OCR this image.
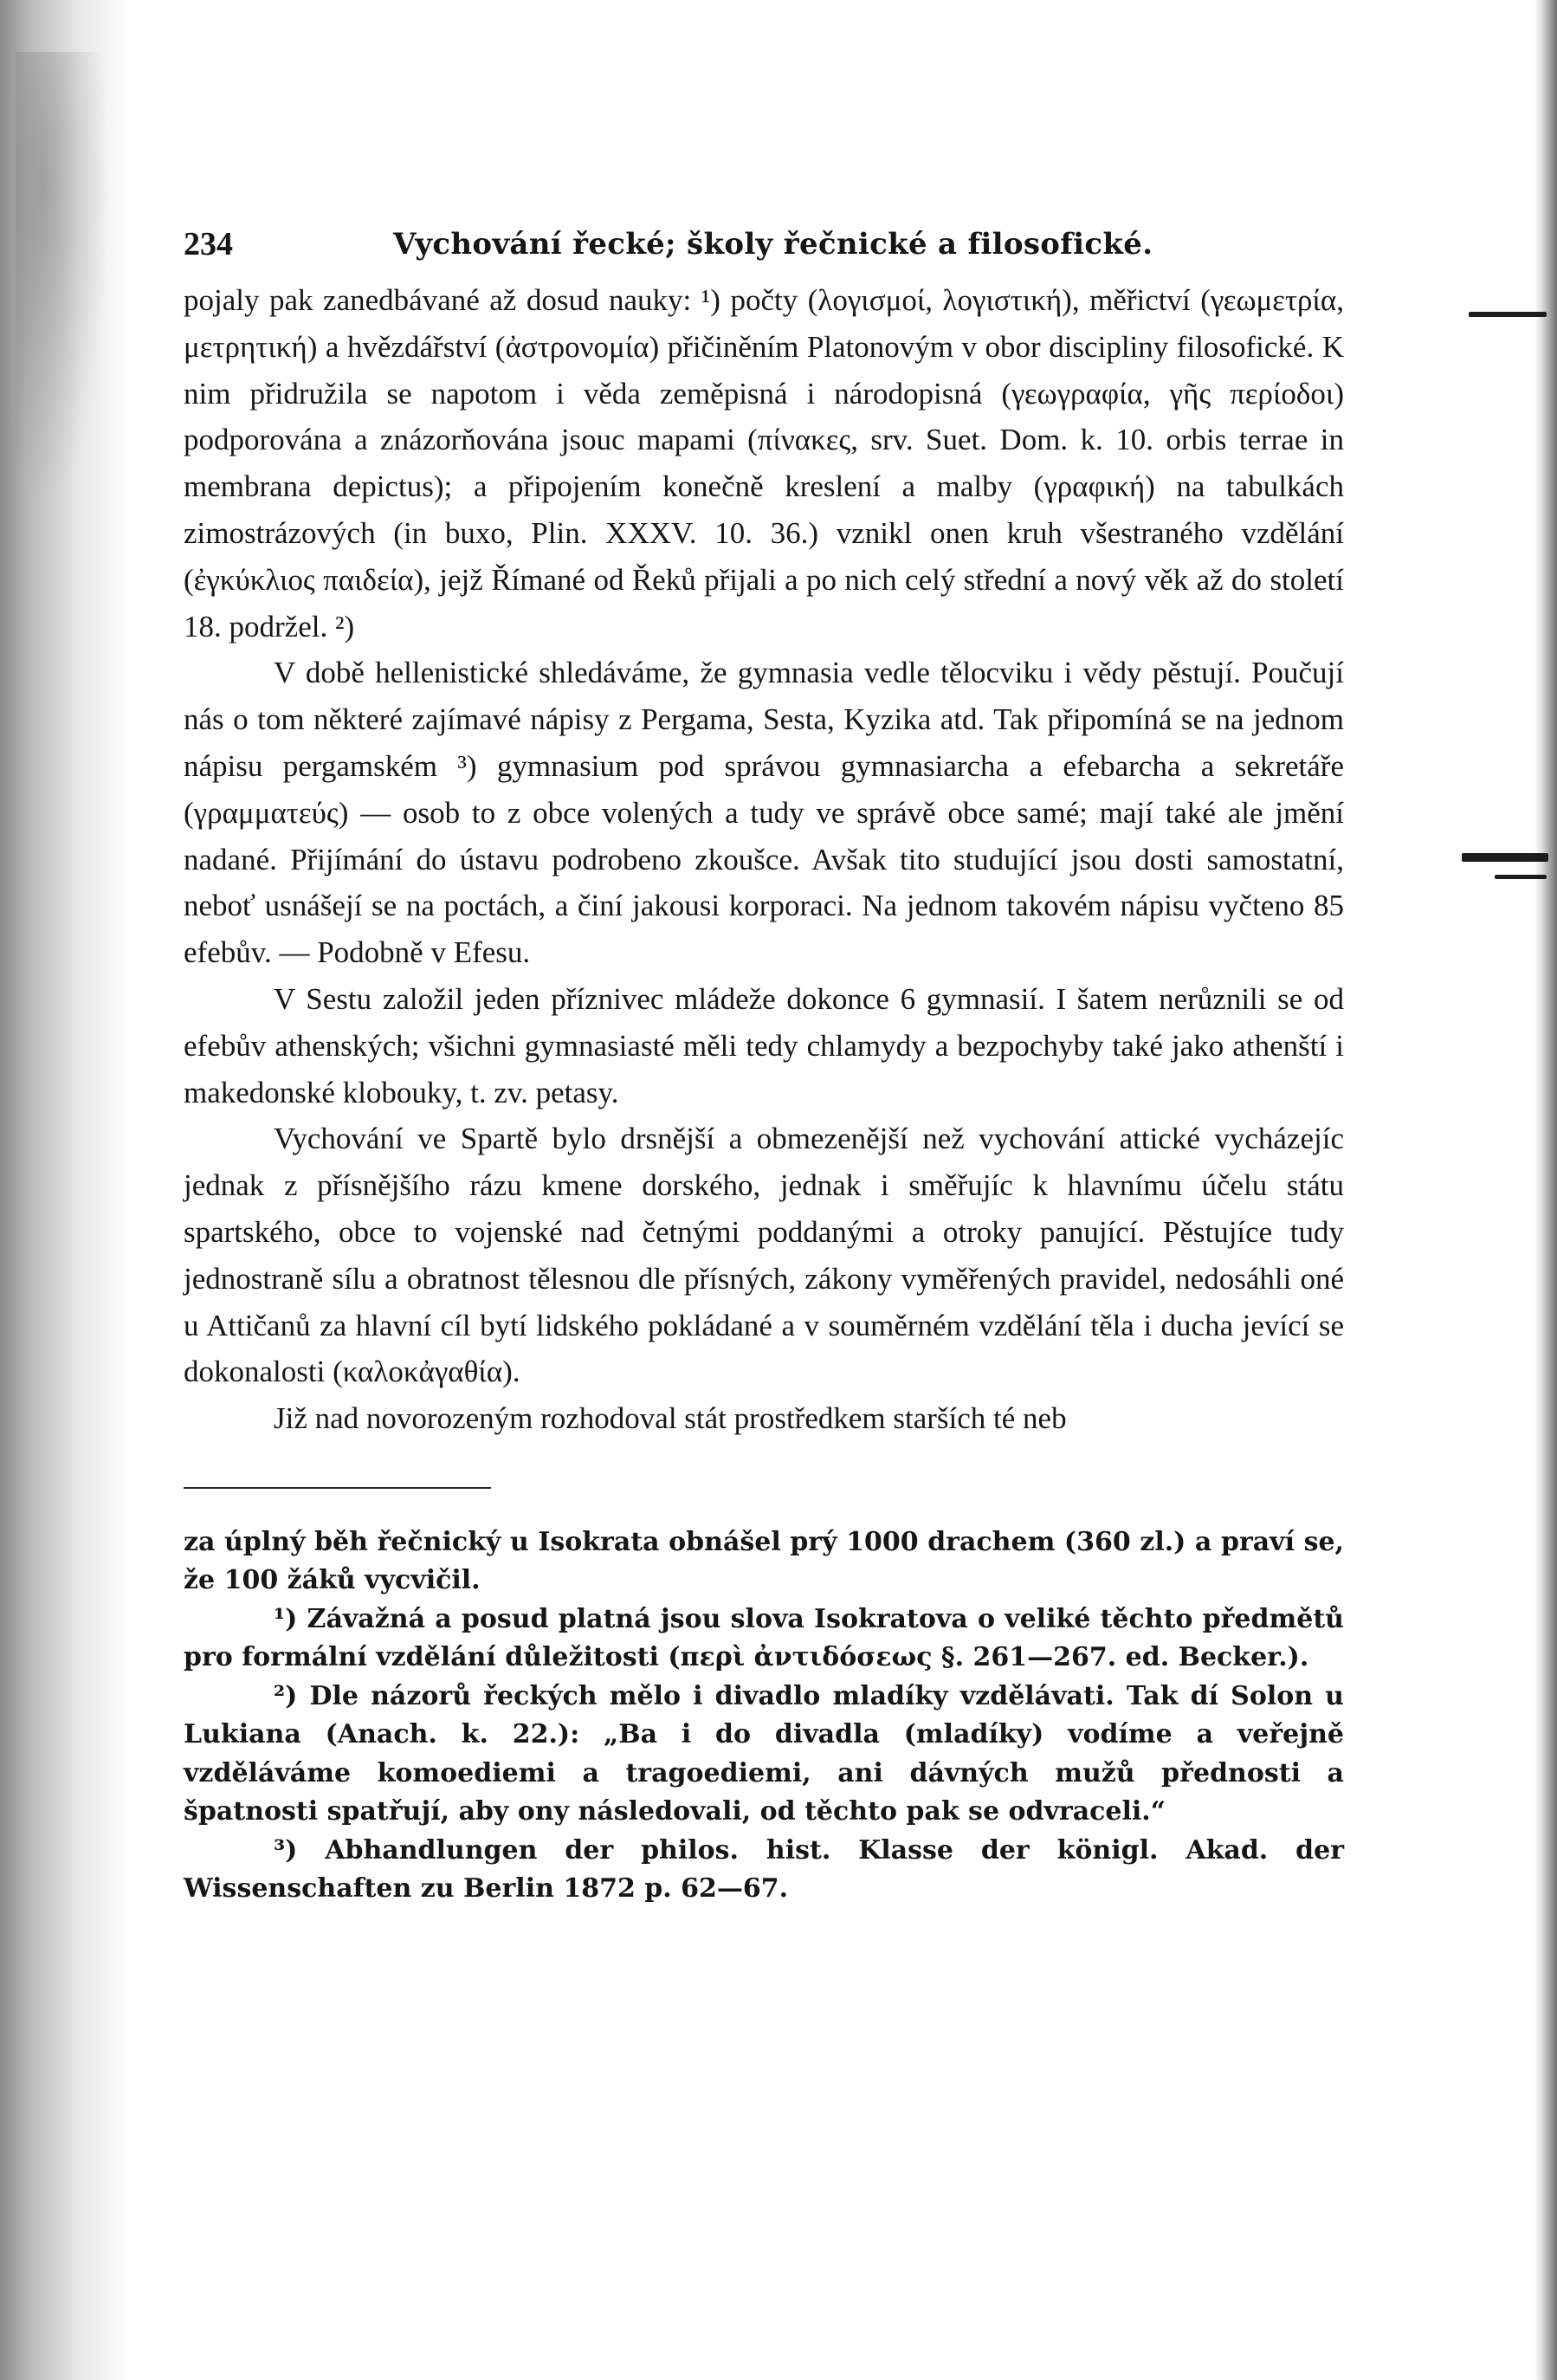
234	Vychování řecké; školy řečnické a filosofické.

pojaly pak zanedbávané až dosud nauky: ¹) počty (λογισμοί, λογιστική), měřictví (γεωμετρία, μετρητική) a hvězdářství (ἀστρονομία) přičiněním Platonovým v obor discipliny filosofické. K nim přidružila se napotom i věda zeměpisná i národopisná (γεωγραφία, γῆς περίοδοι) podporována a znázorňována jsouc mapami (πίνακες, srv. Suet. Dom. k. 10. orbis terrae in membrana depictus); a připojením konečně kreslení a malby (γραφική) na tabulkách zimostrázových (in buxo, Plin. XXXV. 10. 36.) vznikl onen kruh všestraného vzdělání (ἐγκύκλιος παιδεία), jejž Římané od Řeků přijali a po nich celý střední a nový věk až do století 18. podržel. ²)

V době hellenistické shledáváme, že gymnasia vedle tělocviku i vědy pěstují. Poučují nás o tom některé zajímavé nápisy z Pergama, Sesta, Kyzika atd. Tak připomíná se na jednom nápisu pergamském ³) gymnasium pod správou gymnasiarcha a efebarcha a sekretáře (γραμματεύς) — osob to z obce volených a tudy ve správě obce samé; mají také ale jmění nadané. Přijímání do ústavu podrobeno zkoušce. Avšak tito studující jsou dosti samostatní, neboť usnášejí se na poctách, a činí jakousi korporaci. Na jednom takovém nápisu vyčteno 85 efebův. — Podobně v Efesu.

V Sestu založil jeden příznivec mládeže dokonce 6 gymnasií. I šatem nerůznili se od efebův athenských; všichni gymnasiasté měli tedy chlamydy a bezpochyby také jako athenští i makedonské klobouky, t. zv. petasy.

Vychování ve Spartě bylo drsnější a obmezenější než vychování attické vycházejíc jednak z přísnějšího rázu kmene dorského, jednak i směřujíc k hlavnímu účelu státu spartského, obce to vojenské nad četnými poddanými a otroky panující. Pěstujíce tudy jednostraně sílu a obratnost tělesnou dle přísných, zákony vyměřených pravidel, nedosáhli oné u Attičanů za hlavní cíl bytí lidského pokládané a v souměrném vzdělání těla i ducha jevící se dokonalosti (καλοκἀγαθία).

Již nad novorozeným rozhodoval stát prostředkem starších té neb

za úplný běh řečnický u Isokrata obnášel prý 1000 drachem (360 zl.) a praví se, že 100 žáků vycvičil.

¹) Závažná a posud platná jsou slova Isokratova o veliké těchto předmětů pro formální vzdělání důležitosti (περὶ ἀντιδόσεως §. 261—267. ed. Becker.).

²) Dle názorů řeckých mělo i divadlo mladíky vzdělávati. Tak dí Solon u Lukiana (Anach. k. 22.): „Ba i do divadla (mladíky) vodíme a veřejně vzděláváme komoediemi a tragoediemi, ani dávných mužů přednosti a špatnosti spatřují, aby ony následovali, od těchto pak se odvraceli.“

³) Abhandlungen der philos. hist. Klasse der königl. Akad. der Wissenschaften zu Berlin 1872 p. 62—67.
